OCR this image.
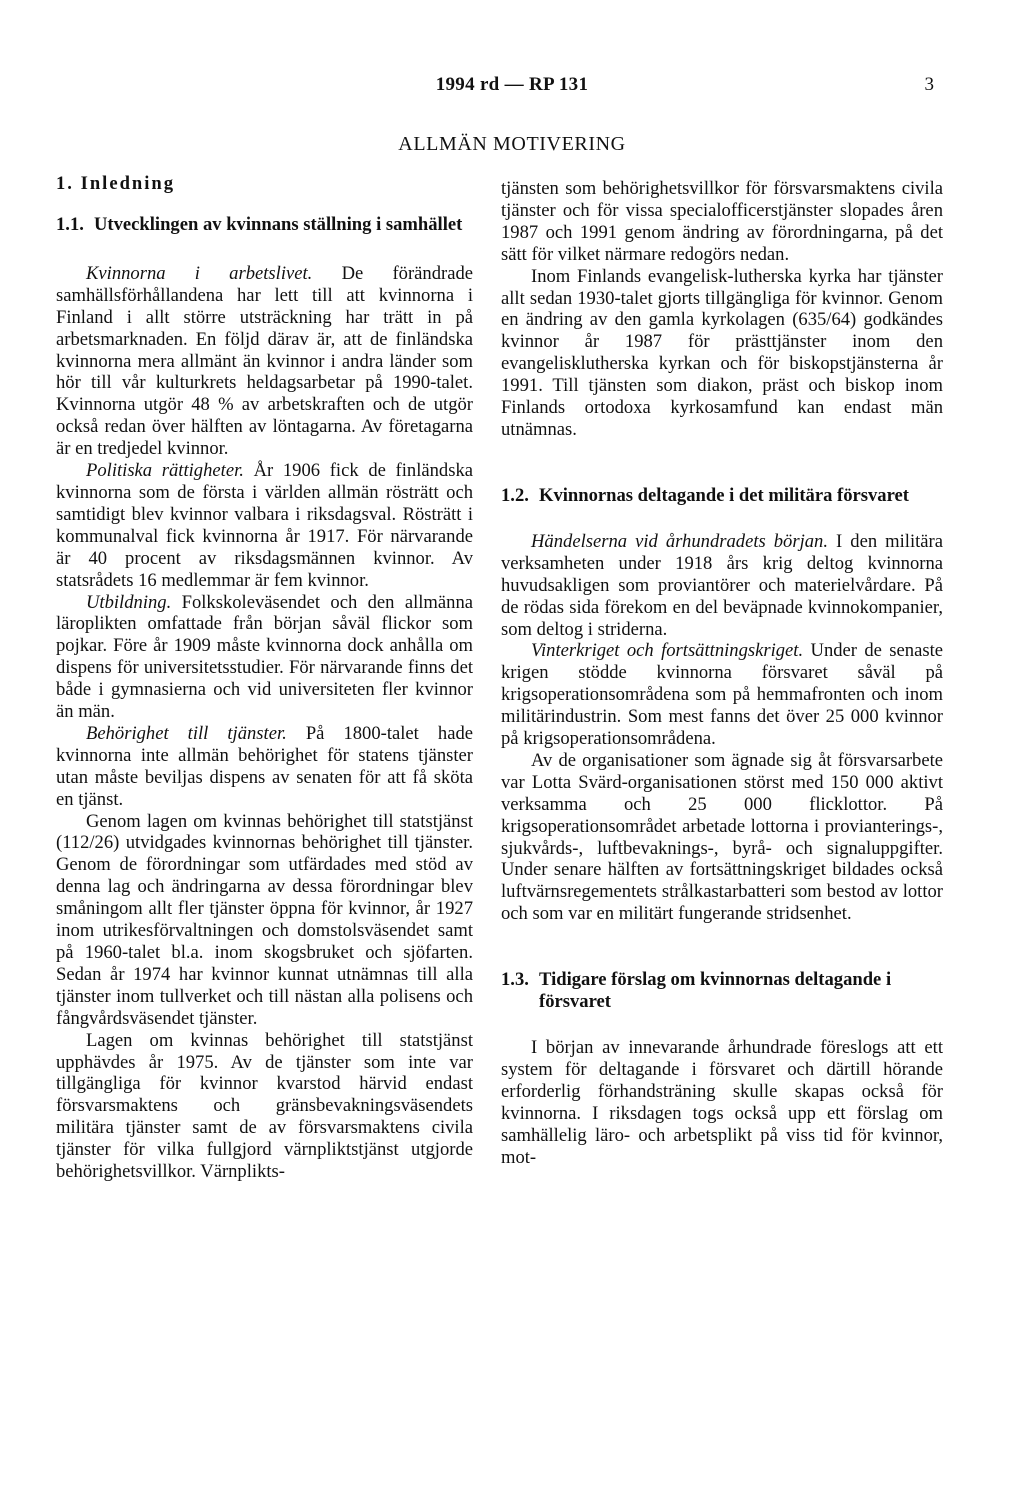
1994 rd — RP 131	3
ALLMÄN MOTIVERING
1. Inledning
1.1. Utvecklingen av kvinnans ställning i samhället

Kvinnorna i arbetslivet. De förändrade samhällsförhållandena har lett till att kvinnorna i Finland i allt större utsträckning har trätt in på arbetsmarknaden. En följd därav är, att de finländska kvinnorna mera allmänt än kvinnor i andra länder som hör till vår kulturkrets heldagsarbetar på 1990-talet. Kvinnorna utgör 48 % av arbetskraften och de utgör också redan över hälften av löntagarna. Av företagarna är en tredjedel kvinnor.

Politiska rättigheter. År 1906 fick de finländska kvinnorna som de första i världen allmän rösträtt och samtidigt blev kvinnor valbara i riksdagsval. Rösträtt i kommunalval fick kvinnorna år 1917. För närvarande är 40 procent av riksdagsmännen kvinnor. Av statsrådets 16 medlemmar är fem kvinnor.

Utbildning. Folkskoleväsendet och den allmänna läroplikten omfattade från början såväl flickor som pojkar. Före år 1909 måste kvinnorna dock anhålla om dispens för universitetsstudier. För närvarande finns det både i gymnasierna och vid universiteten fler kvinnor än män.

Behörighet till tjänster. På 1800-talet hade kvinnorna inte allmän behörighet för statens tjänster utan måste beviljas dispens av senaten för att få sköta en tjänst.

Genom lagen om kvinnas behörighet till statstjänst (112/26) utvidgades kvinnornas behörighet till tjänster. Genom de förordningar som utfärdades med stöd av denna lag och ändringarna av dessa förordningar blev småningom allt fler tjänster öppna för kvinnor, år 1927 inom utrikesförvaltningen och domstolsväsendet samt på 1960-talet bl.a. inom skogsbruket och sjöfarten. Sedan år 1974 har kvinnor kunnat utnämnas till alla tjänster inom tullverket och till nästan alla polisens och fångvårdsväsendet tjänster.

Lagen om kvinnas behörighet till statstjänst upphävdes år 1975. Av de tjänster som inte var tillgängliga för kvinnor kvarstod härvid endast försvarsmaktens och gränsbevakningsväsendets militära tjänster samt de av försvarsmaktens civila tjänster för vilka fullgjord värnpliktstjänst utgjorde behörighetsvillkor. Värnplikts-

tjänsten som behörighetsvillkor för försvarsmaktens civila tjänster och för vissa specialofficerstjänster slopades åren 1987 och 1991 genom ändring av förordningarna, på det sätt för vilket närmare redogörs nedan.

Inom Finlands evangelisk-lutherska kyrka har tjänster allt sedan 1930-talet gjorts tillgängliga för kvinnor. Genom en ändring av den gamla kyrkolagen (635/64) godkändes kvinnor år 1987 för prästtjänster inom den evangelisklutherska kyrkan och för biskopstjänsterna år 1991. Till tjänsten som diakon, präst och biskop inom Finlands ortodoxa kyrkosamfund kan endast män utnämnas.

1.2. Kvinnornas deltagande i det militära försvaret

Händelserna vid århundradets början. I den militära verksamheten under 1918 års krig deltog kvinnorna huvudsakligen som proviantörer och materielvårdare. På de rödas sida förekom en del beväpnade kvinnokompanier, som deltog i striderna.

Vinterkriget och fortsättningskriget. Under de senaste krigen stödde kvinnorna försvaret såväl på krigsoperationsområdena som på hemmafronten och inom militärindustrin. Som mest fanns det över 25 000 kvinnor på krigsoperationsområdena.

Av de organisationer som ägnade sig åt försvarsarbete var Lotta Svärd-organisationen störst med 150 000 aktivt verksamma och 25 000 flicklottor. På krigsoperationsområdet arbetade lottorna i provianterings-, sjukvårds-, luftbevaknings-, byrå- och signaluppgifter. Under senare hälften av fortsättningskriget bildades också luftvärnsregementets strålkastarbatteri som bestod av lottor och som var en militärt fungerande stridsenhet.

1.3. Tidigare förslag om kvinnornas deltagande i försvaret

I början av innevarande århundrade föreslogs att ett system för deltagande i försvaret och därtill hörande erforderlig förhandsträning skulle skapas också för kvinnorna. I riksdagen togs också upp ett förslag om samhällelig läro- och arbetsplikt på viss tid för kvinnor, mot-
